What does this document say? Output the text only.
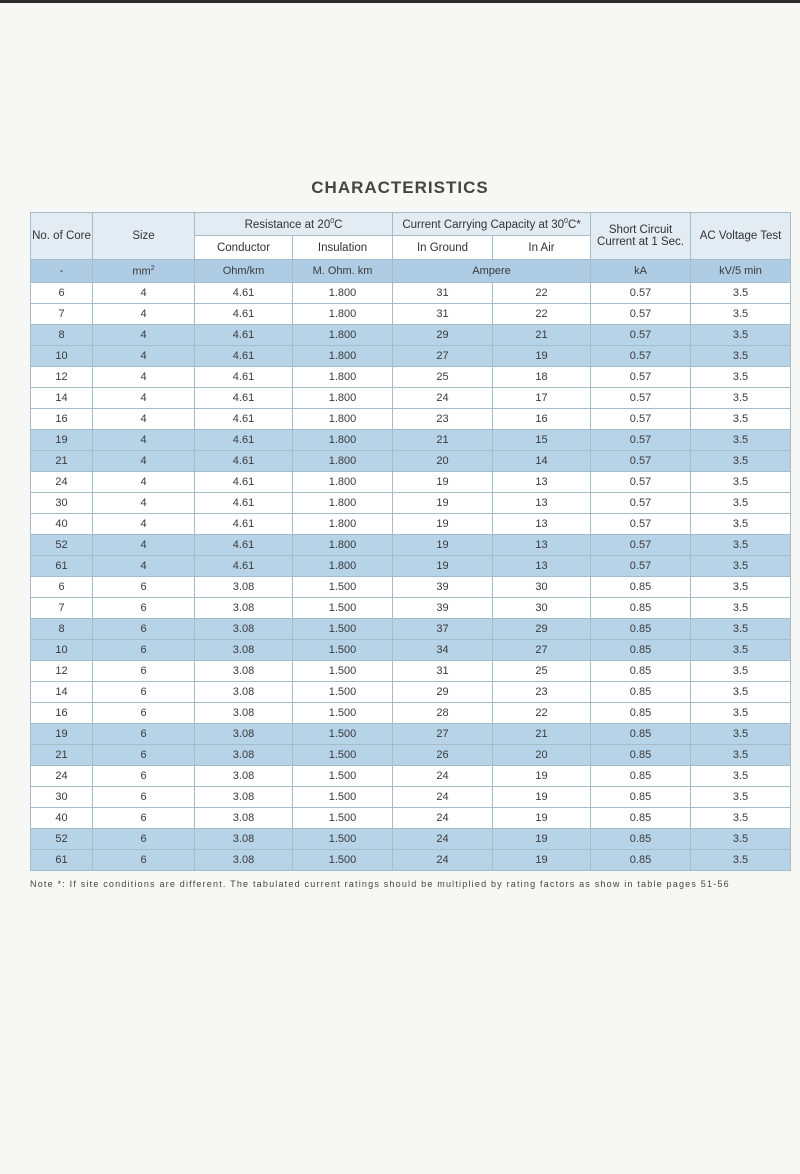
CHARACTERISTICS
No. of Core	Size	Resistance at $20^0C$		Current Carrying Capacity at $30^0C*$		Short Circuit Current at 1 Sec.	AC Voltage Test
		Conductor	Insulation	In Ground	In Air		
-	$mm^2$	Ohm/km	M. Ohm. km	Ampere		kA	kV/5 min
6	4	4.61	1.800	31	22	0.57	3.5
7	4	4.61	1.800	31	22	0.57	3.5
8	4	4.61	1.800	29	21	0.57	3.5
10	4	4.61	1.800	27	19	0.57	3.5
12	4	4.61	1.800	25	18	0.57	3.5
14	4	4.61	1.800	24	17	0.57	3.5
16	4	4.61	1.800	23	16	0.57	3.5
19	4	4.61	1.800	21	15	0.57	3.5
21	4	4.61	1.800	20	14	0.57	3.5
24	4	4.61	1.800	19	13	0.57	3.5
30	4	4.61	1.800	19	13	0.57	3.5
40	4	4.61	1.800	19	13	0.57	3.5
52	4	4.61	1.800	19	13	0.57	3.5
61	4	4.61	1.800	19	13	0.57	3.5
6	6	3.08	1.500	39	30	0.85	3.5
7	6	3.08	1.500	39	30	0.85	3.5
8	6	3.08	1.500	37	29	0.85	3.5
10	6	3.08	1.500	34	27	0.85	3.5
12	6	3.08	1.500	31	25	0.85	3.5
14	6	3.08	1.500	29	23	0.85	3.5
16	6	3.08	1.500	28	22	0.85	3.5
19	6	3.08	1.500	27	21	0.85	3.5
21	6	3.08	1.500	26	20	0.85	3.5
24	6	3.08	1.500	24	19	0.85	3.5
30	6	3.08	1.500	24	19	0.85	3.5
40	6	3.08	1.500	24	19	0.85	3.5
52	6	3.08	1.500	24	19	0.85	3.5
61	6	3.08	1.500	24	19	0.85	3.5
Note *: If site conditions are different. The tabulated current ratings should be multiplied by rating factors as show in table pages 51-56
